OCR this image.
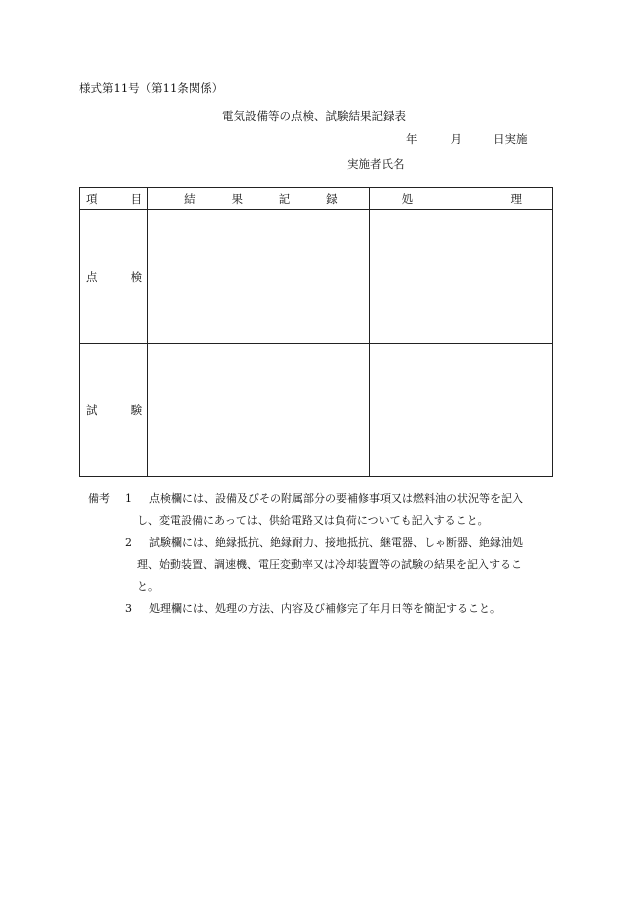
様式第11号（第11条関係）
電気設備等の点検、試験結果記録表
年	月	日実施
実施者氏名
項 目	結 果 記 録	処 理

点 検		

試 験		

備考 1 点検欄には、設備及びその附属部分の要補修事項又は燃料油の状況等を記入
し、変電設備にあっては、供給電路又は負荷についても記入すること。
2 試験欄には、絶縁抵抗、絶縁耐力、接地抵抗、継電器、しゃ断器、絶縁油処
理、始動装置、調速機、電圧変動率又は冷却装置等の試験の結果を記入するこ
と。
3 処理欄には、処理の方法、内容及び補修完了年月日等を簡記すること。
